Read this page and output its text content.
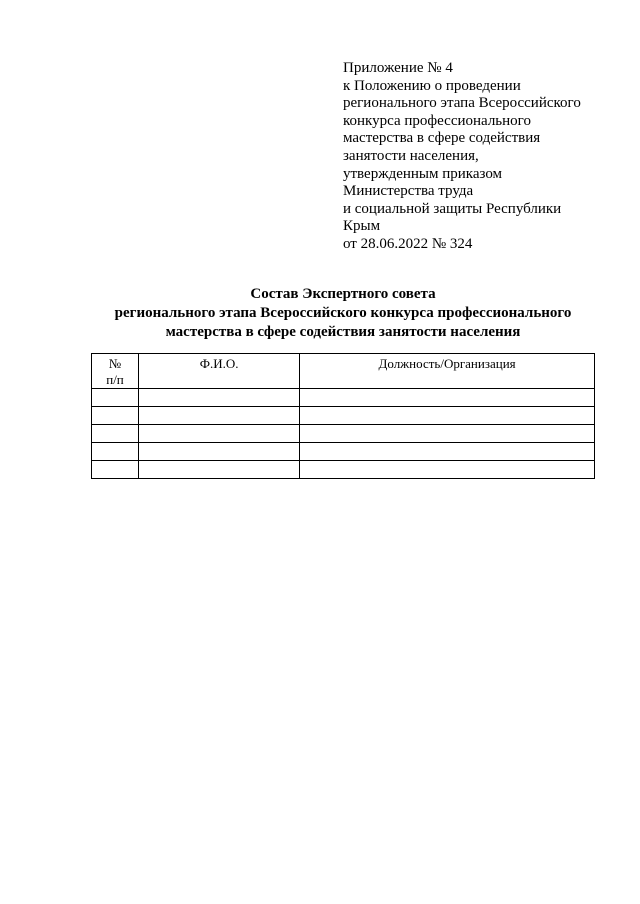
Приложение № 4
к Положению о проведении
регионального этапа Всероссийского
конкурса профессионального
мастерства в сфере содействия
занятости населения,
утвержденным приказом
Министерства труда
и социальной защиты Республики
Крым
от 28.06.2022 № 324
Состав Экспертного совета
регионального этапа Всероссийского конкурса профессионального
мастерства в сфере содействия занятости населения
№
п/п	Ф.И.О.	Должность/Организация
